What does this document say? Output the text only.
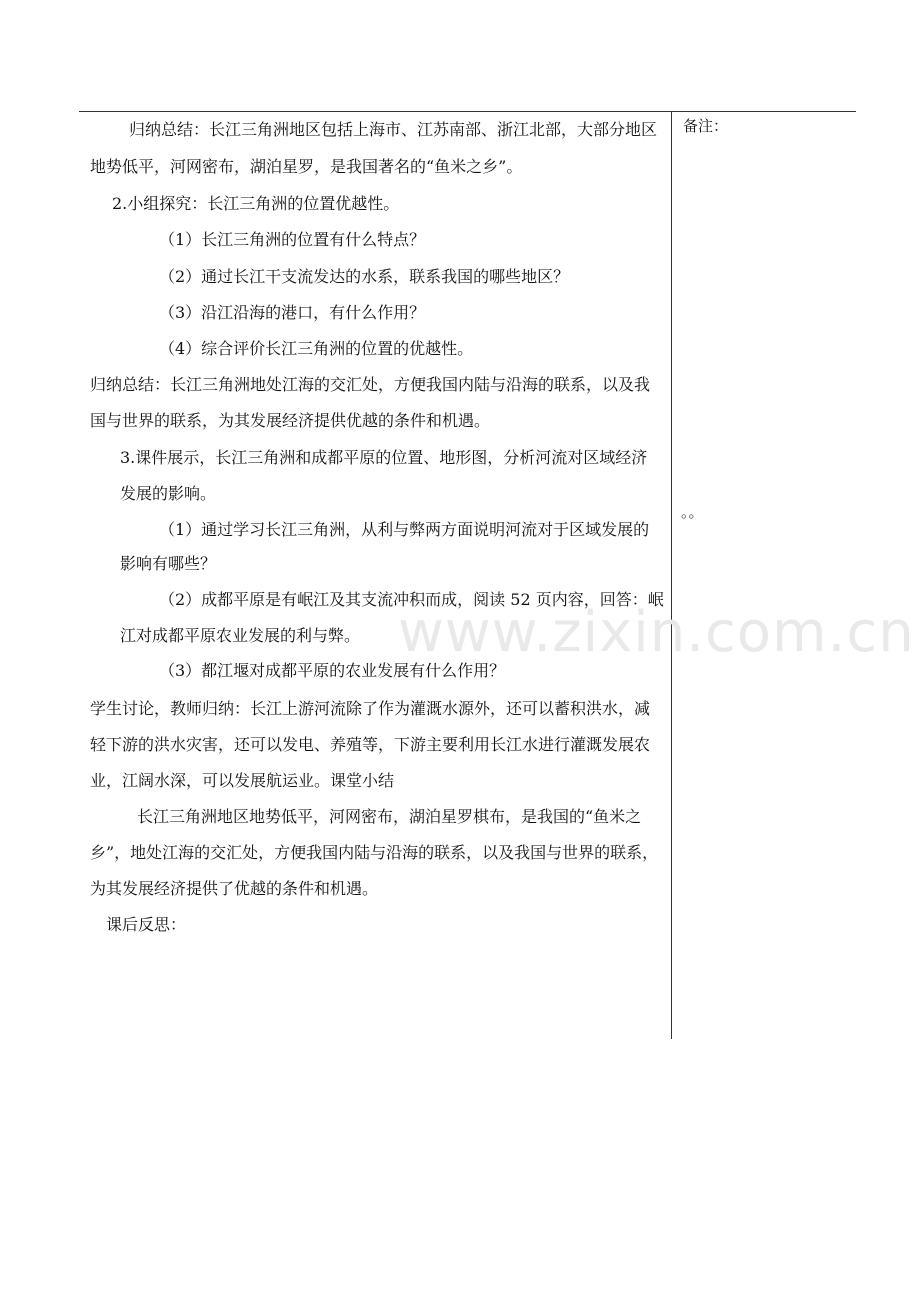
www.zixin.com.cn
备注：
。。
归纳总结：长江三角洲地区包括上海市、江苏南部、浙江北部，大部分地区
地势低平，河网密布，湖泊星罗，是我国著名的“鱼米之乡”。
2.小组探究：长江三角洲的位置优越性。
（1）长江三角洲的位置有什么特点？
（2）通过长江干支流发达的水系，联系我国的哪些地区？
（3）沿江沿海的港口，有什么作用？
（4）综合评价长江三角洲的位置的优越性。
归纳总结：长江三角洲地处江海的交汇处，方便我国内陆与沿海的联系，以及我
国与世界的联系，为其发展经济提供优越的条件和机遇。
3.课件展示，长江三角洲和成都平原的位置、地形图，分析河流对区域经济
发展的影响。
（1）通过学习长江三角洲，从利与弊两方面说明河流对于区域发展的
影响有哪些？
（2）成都平原是有岷江及其支流冲积而成，阅读 52 页内容，回答：岷
江对成都平原农业发展的利与弊。
（3）都江堰对成都平原的农业发展有什么作用？
学生讨论，教师归纳：长江上游河流除了作为灌溉水源外，还可以蓄积洪水，减
轻下游的洪水灾害，还可以发电、养殖等，下游主要利用长江水进行灌溉发展农
业，江阔水深，可以发展航运业。课堂小结
长江三角洲地区地势低平，河网密布，湖泊星罗棋布，是我国的“鱼米之
乡”，地处江海的交汇处，方便我国内陆与沿海的联系，以及我国与世界的联系，
为其发展经济提供了优越的条件和机遇。
课后反思：
